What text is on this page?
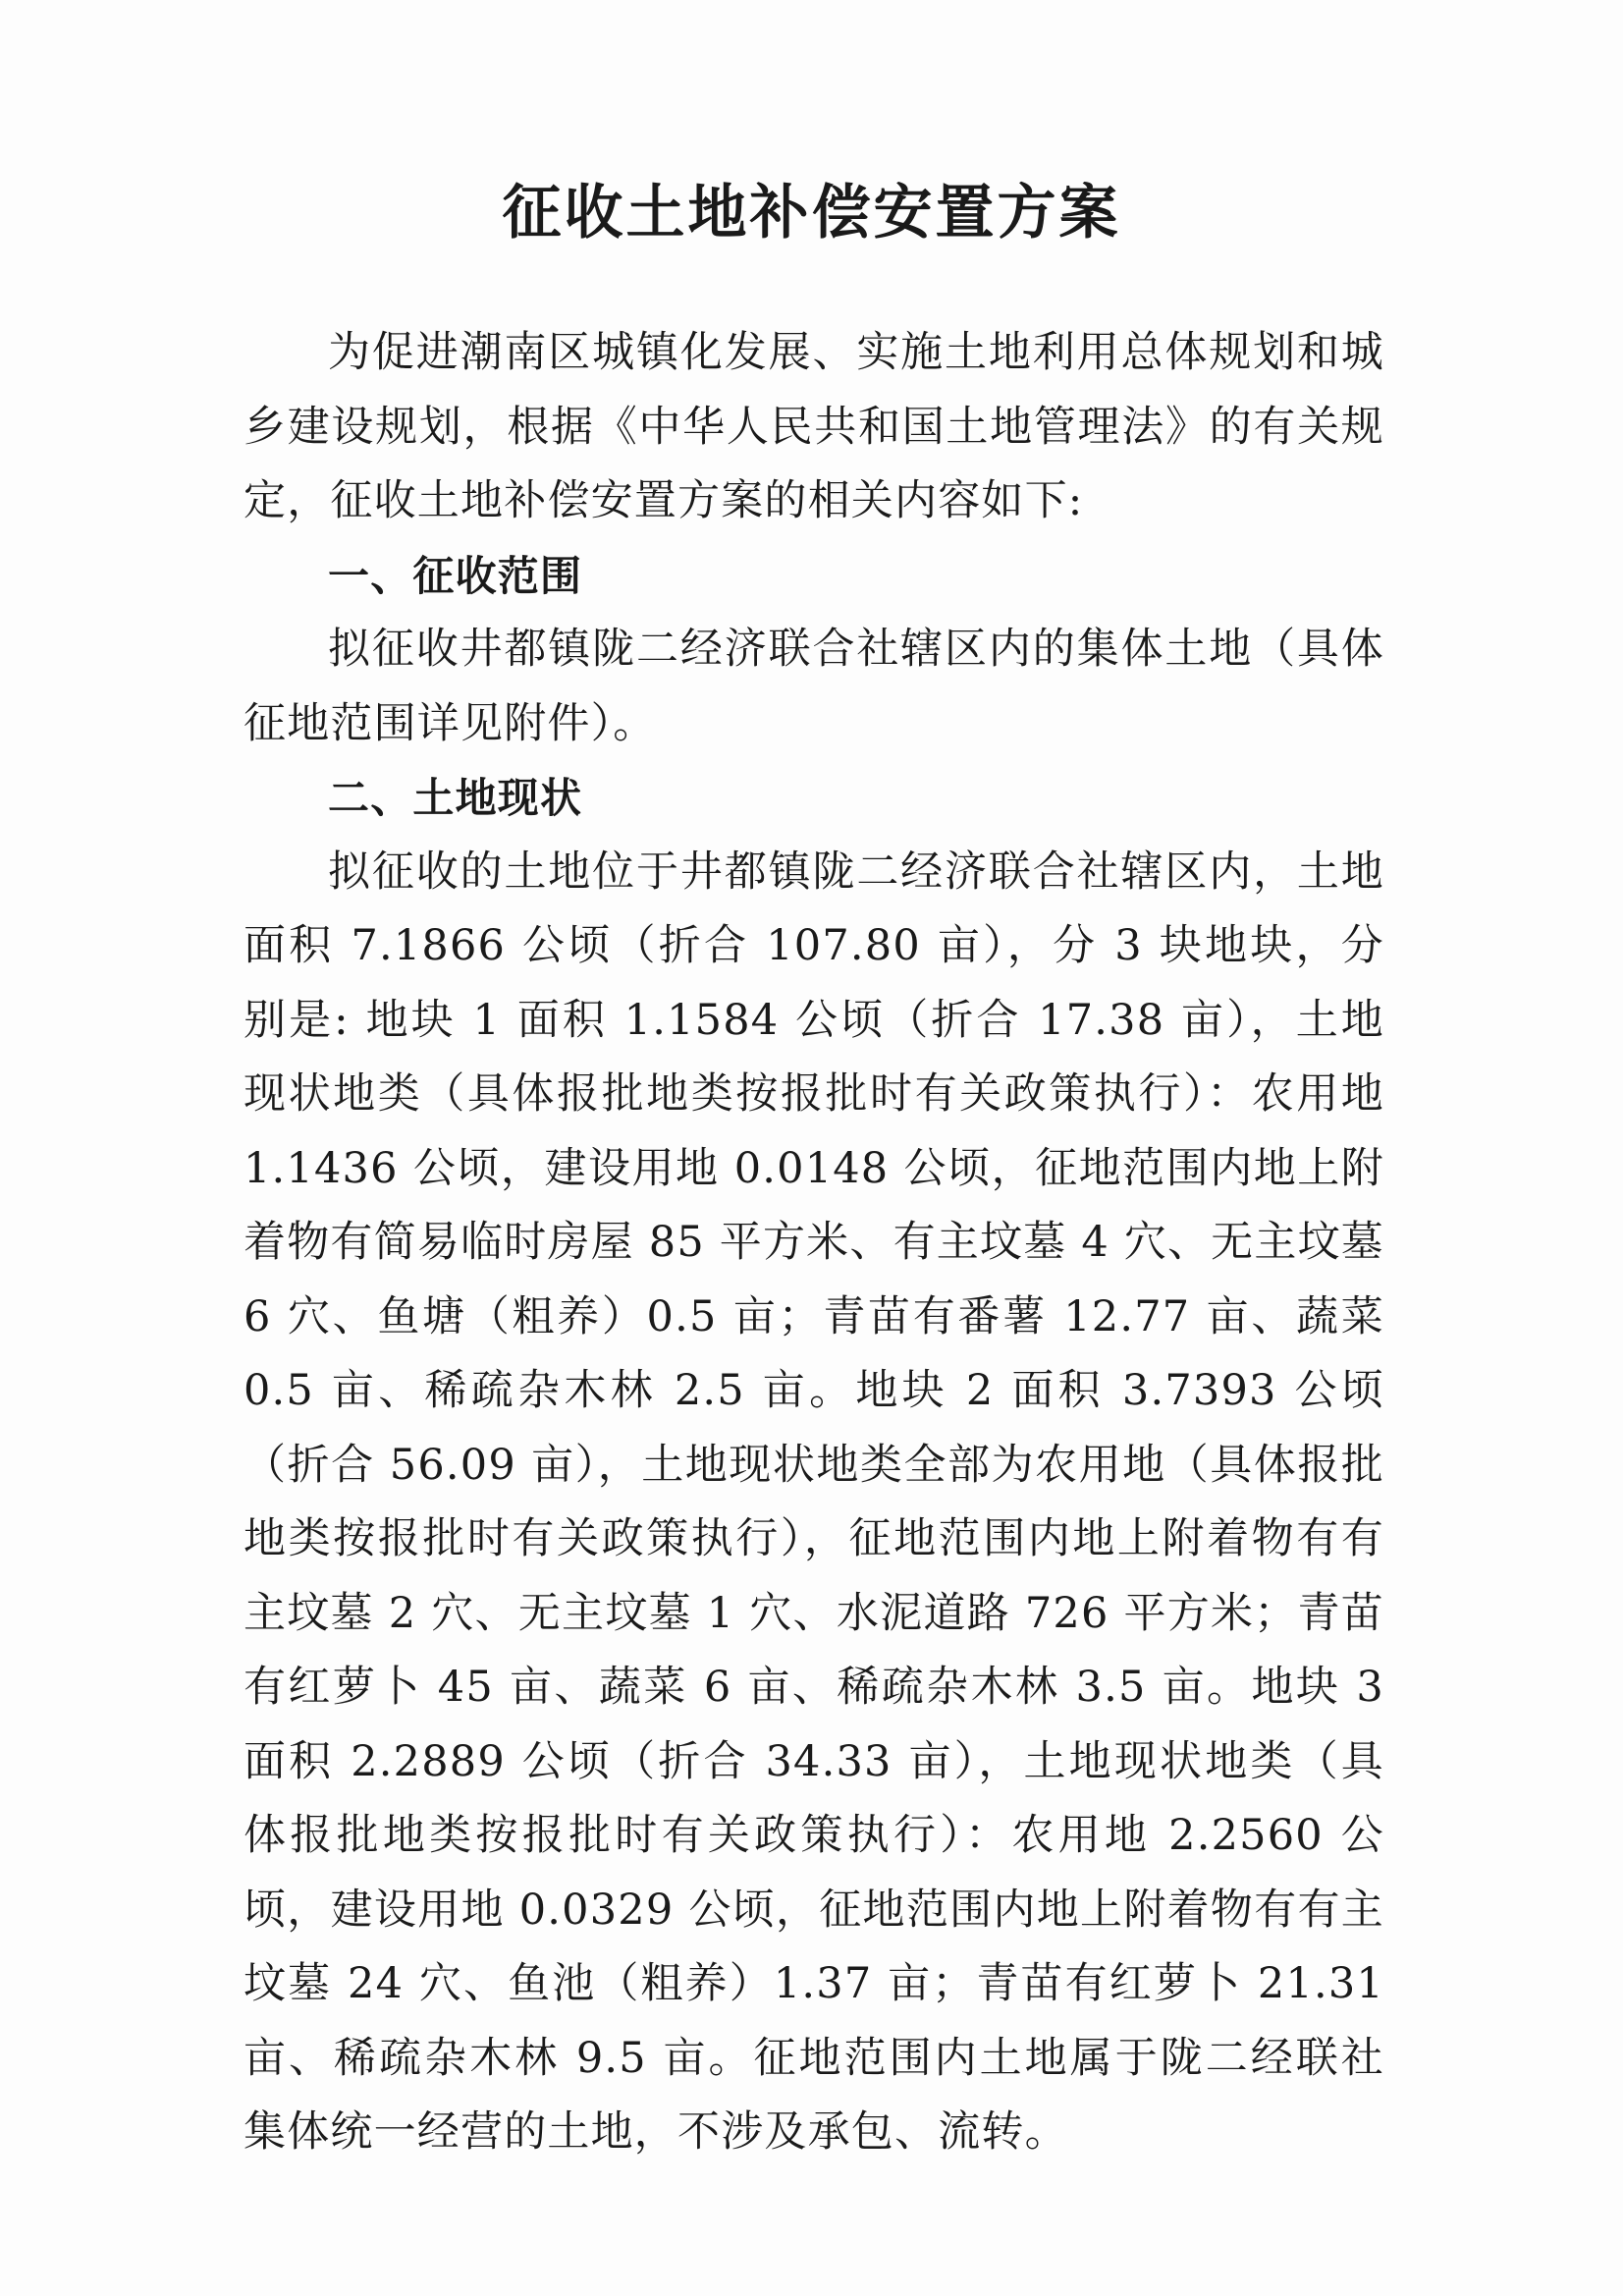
征收土地补偿安置方案

为促进潮南区城镇化发展、实施土地利用总体规划和城乡建设规划，根据《中华人民共和国土地管理法》的有关规定，征收土地补偿安置方案的相关内容如下:

一、征收范围

拟征收井都镇陇二经济联合社辖区内的集体土地（具体征地范围详见附件）。

二、土地现状

拟征收的土地位于井都镇陇二经济联合社辖区内，土地面积 7.1866 公顷（折合 107.80 亩），分 3 块地块，分别是: 地块 1 面积 1.1584 公顷（折合 17.38 亩），土地现状地类（具体报批地类按报批时有关政策执行）：农用地 1.1436 公顷，建设用地 0.0148 公顷，征地范围内地上附着物有简易临时房屋 85 平方米、有主坟墓 4 穴、无主坟墓 6 穴、鱼塘（粗养）0.5 亩；青苗有番薯 12.77 亩、蔬菜 0.5 亩、稀疏杂木林 2.5 亩。地块 2 面积 3.7393 公顷（折合 56.09 亩），土地现状地类全部为农用地（具体报批地类按报批时有关政策执行），征地范围内地上附着物有有主坟墓 2 穴、无主坟墓 1 穴、水泥道路 726 平方米；青苗有红萝卜 45 亩、蔬菜 6 亩、稀疏杂木林 3.5 亩。地块 3 面积 2.2889 公顷（折合 34.33 亩），土地现状地类（具体报批地类按报批时有关政策执行）：农用地 2.2560 公顷，建设用地 0.0329 公顷，征地范围内地上附着物有有主坟墓 24 穴、鱼池（粗养）1.37 亩；青苗有红萝卜 21.31 亩、稀疏杂木林 9.5 亩。征地范围内土地属于陇二经联社集体统一经营的土地，不涉及承包、流转。
